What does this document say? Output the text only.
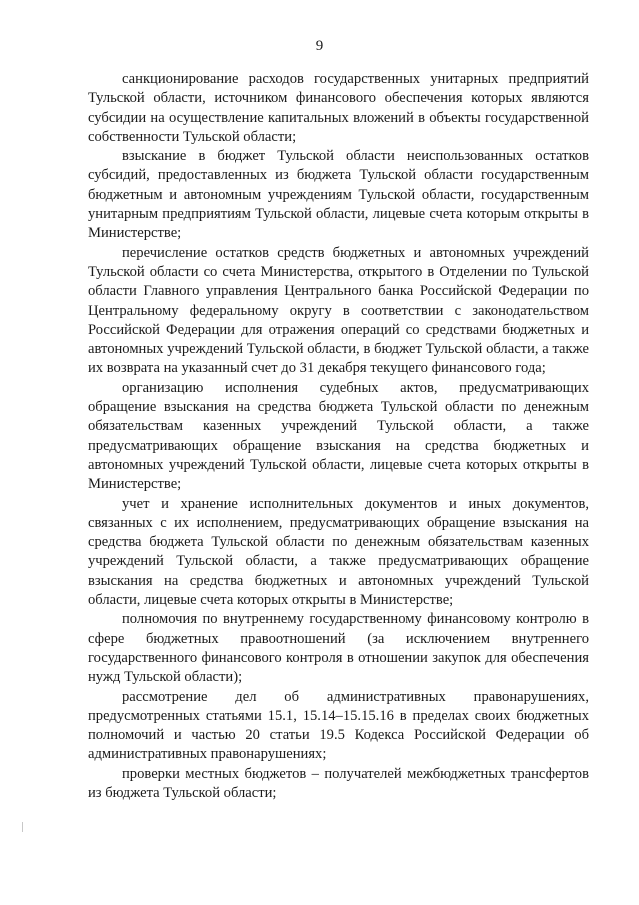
9

санкционирование расходов государственных унитарных предприятий Тульской области, источником финансового обеспечения которых являются субсидии на осуществление капитальных вложений в объекты государственной собственности Тульской области;

взыскание в бюджет Тульской области неиспользованных остатков субсидий, предоставленных из бюджета Тульской области государственным бюджетным и автономным учреждениям Тульской области, государственным унитарным предприятиям Тульской области, лицевые счета которым открыты в Министерстве;

перечисление остатков средств бюджетных и автономных учреждений Тульской области со счета Министерства, открытого в Отделении по Тульской области Главного управления Центрального банка Российской Федерации по Центральному федеральному округу в соответствии с законодательством Российской Федерации для отражения операций со средствами бюджетных и автономных учреждений Тульской области, в бюджет Тульской области, а также их возврата на указанный счет до 31 декабря текущего финансового года;

организацию исполнения судебных актов, предусматривающих обращение взыскания на средства бюджета Тульской области по денежным обязательствам казенных учреждений Тульской области, а также предусматривающих обращение взыскания на средства бюджетных и автономных учреждений Тульской области, лицевые счета которых открыты в Министерстве;

учет и хранение исполнительных документов и иных документов, связанных с их исполнением, предусматривающих обращение взыскания на средства бюджета Тульской области по денежным обязательствам казенных учреждений Тульской области, а также предусматривающих обращение взыскания на средства бюджетных и автономных учреждений Тульской области, лицевые счета которых открыты в Министерстве;

полномочия по внутреннему государственному финансовому контролю в сфере бюджетных правоотношений (за исключением внутреннего государственного финансового контроля в отношении закупок для обеспечения нужд Тульской области);

рассмотрение дел об административных правонарушениях, предусмотренных статьями 15.1, 15.14–15.15.16 в пределах своих бюджетных полномочий и частью 20 статьи 19.5 Кодекса Российской Федерации об административных правонарушениях;

проверки местных бюджетов – получателей межбюджетных трансфертов из бюджета Тульской области;
